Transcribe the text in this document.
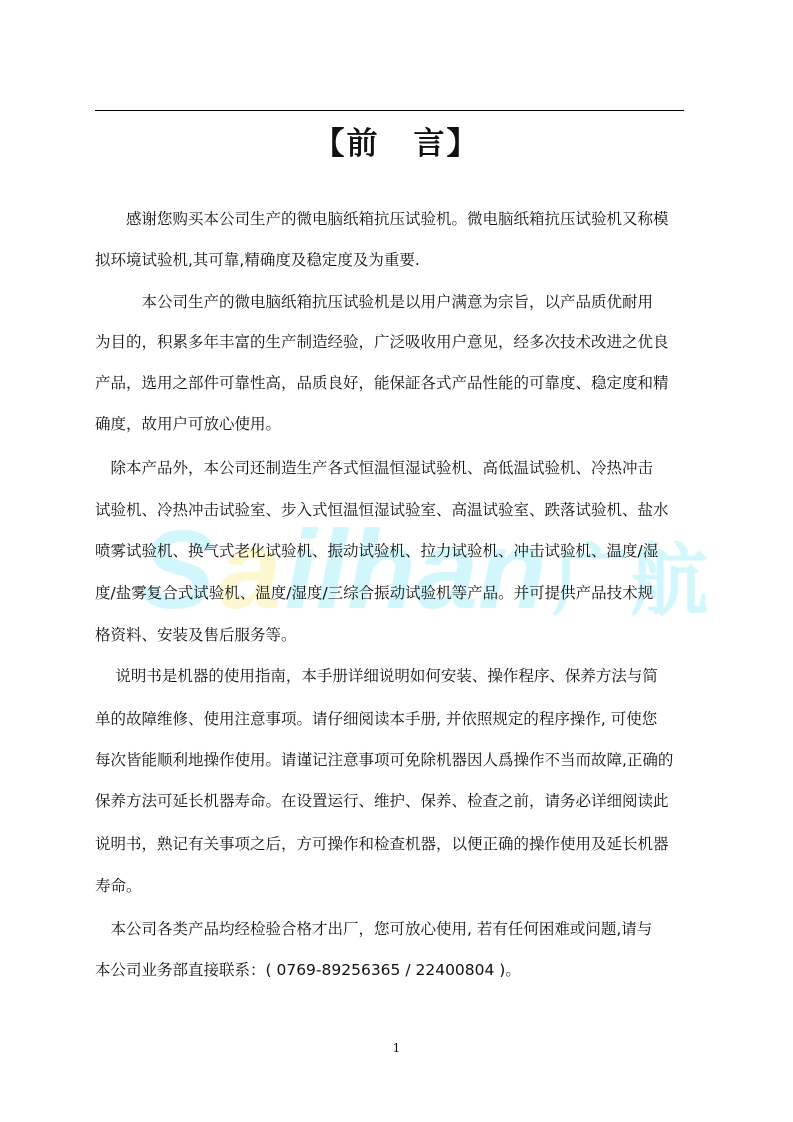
【前 言】
　　感谢您购买本公司生产的微电脑纸箱抗压试验机。微电脑纸箱抗压试验机又称模
拟环境试验机,其可靠,精确度及稳定度及为重要.
　　　本公司生产的微电脑纸箱抗压试验机是以用户满意为宗旨，以产品质优耐用
为目的，积累多年丰富的生产制造经验，广泛吸收用户意见，经多次技术改进之优良
产品，选用之部件可靠性高，品质良好，能保証各式产品性能的可靠度、稳定度和精
确度，故用户可放心使用。
　除本产品外，本公司还制造生产各式恒温恒湿试验机、高低温试验机、冷热冲击
试验机、冷热冲击试验室、步入式恒温恒湿试验室、高温试验室、跌落试验机、盐水
喷雾试验机、换气式老化试验机、振动试验机、拉力试验机、冲击试验机、温度/湿
度/盐雾复合式试验机、温度/湿度/三综合振动试验机等产品。并可提供产品技术规
格资料、安装及售后服务等。
　 说明书是机器的使用指南，本手册详细说明如何安装、操作程序、保养方法与简
单的故障维修、使用注意事项。请仔细阅读本手册, 并依照规定的程序操作, 可使您
每次皆能顺利地操作使用。请谨记注意事项可免除机器因人爲操作不当而故障,正确的
保养方法可延长机器寿命。在设置运行、维护、保养、检查之前，请务必详细阅读此
说明书，熟记有关事项之后，方可操作和检查机器，以便正确的操作使用及延长机器
寿命。
　本公司各类产品均经检验合格才出厂，您可放心使用, 若有任何困难或问题,请与
本公司业务部直接联系：( 0769-89256365 / 22400804 )。
1
